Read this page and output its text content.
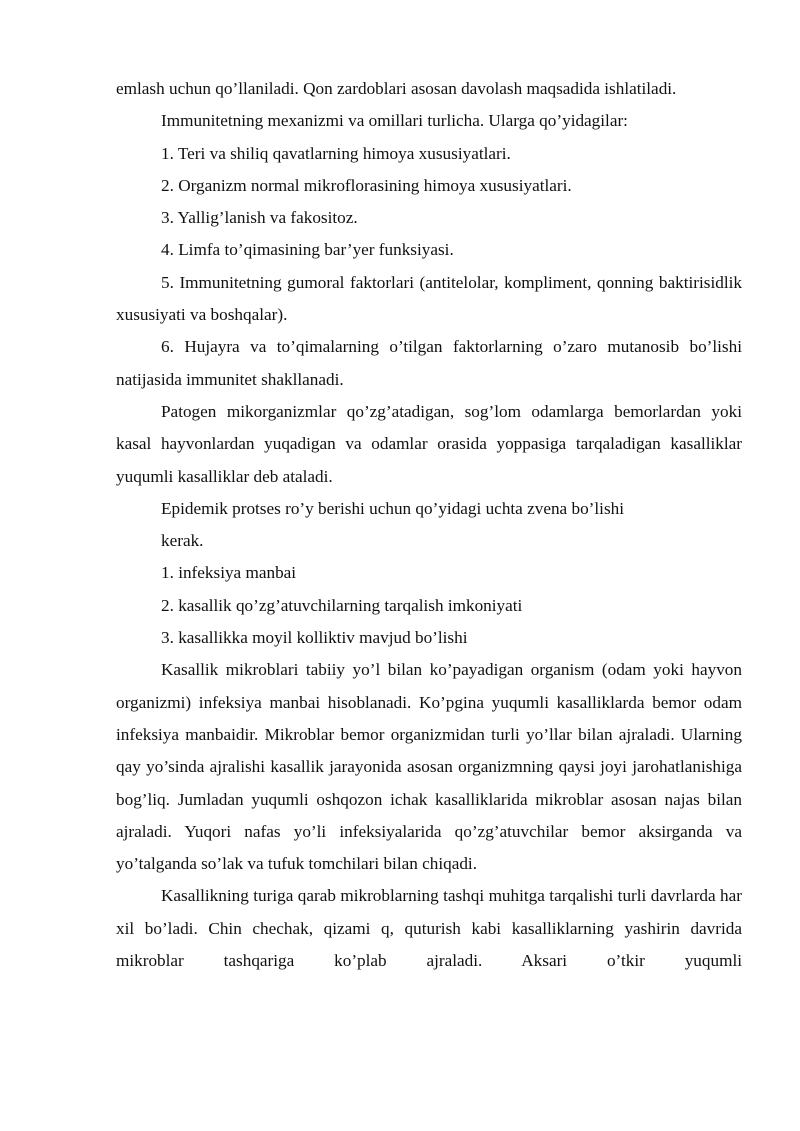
emlash uchun qo’llaniladi. Qon zardoblari asosan davolash maqsadida ishlatiladi.

Immunitetning mexanizmi va omillari turlicha. Ularga qo’yidagilar:

1. Teri va shiliq qavatlarning himoya xususiyatlari.

2. Organizm normal mikroflorasining himoya xususiyatlari.

3. Yallig’lanish va fakositoz.

4. Limfa to’qimasining bar’yer funksiyasi.

5. Immunitetning gumoral faktorlari (antitelolar, kompliment, qonning baktirisidlik xususiyati va boshqalar).

6. Hujayra va to’qimalarning o’tilgan faktorlarning o’zaro mutanosib bo’lishi natijasida immunitet shakllanadi.

Patogen mikorganizmlar qo’zg’atadigan, sog’lom odamlarga bemorlardan yoki kasal hayvonlardan yuqadigan va odamlar orasida yoppasiga tarqaladigan kasalliklar yuqumli kasalliklar deb ataladi.

Epidemik protses ro’y berishi uchun qo’yidagi uchta zvena bo’lishi

kerak.

1. infeksiya manbai

2. kasallik qo’zg’atuvchilarning tarqalish imkoniyati

3. kasallikka moyil kolliktiv mavjud bo’lishi

Kasallik mikroblari tabiiy yo’l bilan ko’payadigan organism (odam yoki hayvon organizmi) infeksiya manbai hisoblanadi. Ko’pgina yuqumli kasalliklarda bemor odam infeksiya manbaidir. Mikroblar bemor organizmidan turli yo’llar bilan ajraladi. Ularning qay yo’sinda ajralishi kasallik jarayonida asosan organizmning qaysi joyi jarohatlanishiga bog’liq. Jumladan yuqumli oshqozon ichak kasalliklarida mikroblar asosan najas bilan ajraladi. Yuqori nafas yo’li infeksiyalarida qo’zg’atuvchilar bemor aksirganda va yo’talganda so’lak va tufuk tomchilari bilan chiqadi.

Kasallikning turiga qarab mikroblarning tashqi muhitga tarqalishi turli davrlarda har xil bo’ladi. Chin chechak, qizami q, quturish kabi kasalliklarning yashirin davrida mikroblar tashqariga ko’plab ajraladi. Aksari o’tkir yuqumli
